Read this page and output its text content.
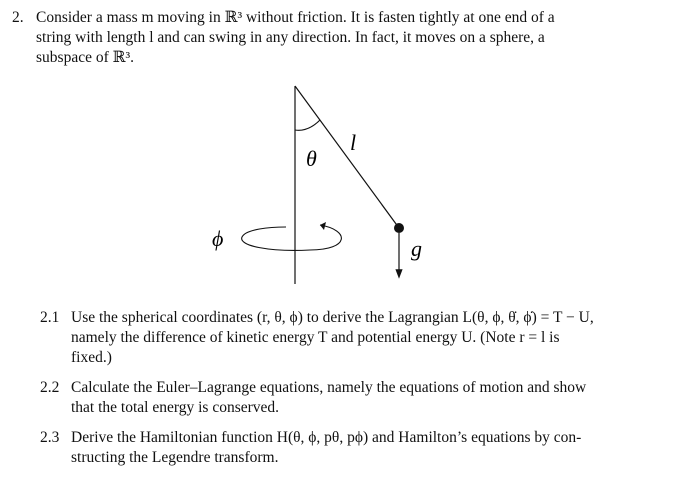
2. Consider a mass m moving in ℝ³ without friction. It is fasten tightly at one end of a
string with length l and can swing in any direction. In fact, it moves on a sphere, a
subspace of ℝ³.
θ
l
ϕ	g
2.1 Use the spherical coordinates (r, θ, ϕ) to derive the Lagrangian L(θ, ϕ, θ̇, ϕ̇) = T − U,
namely the difference of kinetic energy T and potential energy U. (Note r = l is
fixed.)
2.2 Calculate the Euler–Lagrange equations, namely the equations of motion and show
that the total energy is conserved.
2.3 Derive the Hamiltonian function H(θ, ϕ, pθ, pϕ) and Hamilton’s equations by con-
structing the Legendre transform.
